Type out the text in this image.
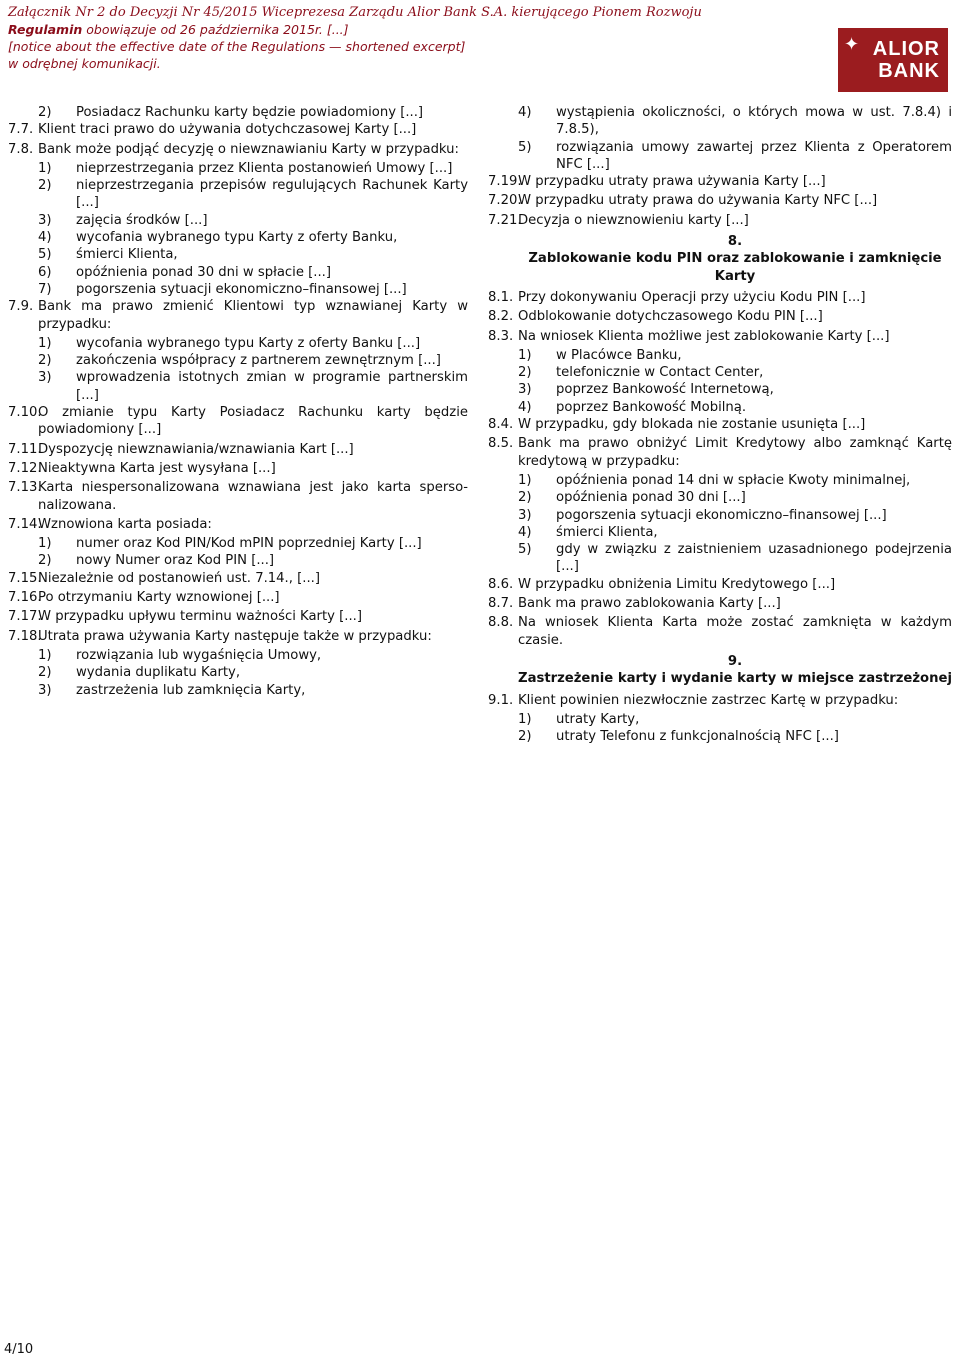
Załącznik Nr 2 do Decyzji Nr 45/2015 Wiceprezesa Zarządu Alior Bank S.A. kierującego Pionem Rozwoju
Regulamin obowiązuje od 26 października 2015r. [...]
[notice about the effective date of the Regulations — shortened excerpt]
w odrębnej komunikacji.
✦ ALIOR
BANK
2) Posiadacz Rachunku karty będzie powiadomiony [...]
7.7. Klient traci prawo do używania dotychczasowej Karty [...]
7.8. Bank może podjąć decyzję o niewznawianiu Karty w przypadku:
1) nieprzestrzegania przez Klienta postanowień Umowy [...]
2) nieprzestrzegania przepisów regulujących Rachunek Karty [...]
3) zajęcia środków [...]
4) wycofania wybranego typu Karty z oferty Banku,
5) śmierci Klienta,
6) opóźnienia ponad 30 dni w spłacie [...]
7) pogorszenia sytuacji ekonomiczno–finansowej [...]
7.9. Bank ma prawo zmienić Klientowi typ wznawianej Karty w przypadku:
1) wycofania wybranego typu Karty z oferty Banku [...]
2) zakończenia współpracy z partnerem zewnętrznym [...]
3) wprowadzenia istotnych zmian w programie partnerskim [...]
7.10.
O zmianie typu Karty Posiadacz Rachunku karty będzie powiadomiony [...]
7.11.
Dyspozycję niewznawiania/wznawiania Kart [...]
7.12.
Nieaktywna Karta jest wysyłana [...]
7.13.
Karta niespersonalizowana wznawiana jest jako karta spersonalizowana.
7.14.
Wznowiona karta posiada:
1) numer oraz Kod PIN/Kod mPIN poprzedniej Karty [...]
2) nowy Numer oraz Kod PIN [...]
7.15.
Niezależnie od postanowień ust. 7.14., [...]
7.16.
Po otrzymaniu Karty wznowionej [...]
7.17.
W przypadku upływu terminu ważności Karty [...]
7.18.
Utrata prawa używania Karty następuje także w przypadku:
1) rozwiązania lub wygaśnięcia Umowy,
2) wydania duplikatu Karty,
3) zastrzeżenia lub zamknięcia Karty,
4) wystąpienia okoliczności, o których mowa w ust. 7.8.4) i 7.8.5),
5) rozwiązania umowy zawartej przez Klienta z Operatorem NFC [...]
7.19.
W przypadku utraty prawa używania Karty [...]
7.20.
W przypadku utraty prawa do używania Karty NFC [...]
7.21.
Decyzja o niewznowieniu karty [...]
8.
Zablokowanie kodu PIN oraz zablokowanie i zamknięcie Karty
8.1. Przy dokonywaniu Operacji przy użyciu Kodu PIN [...]
8.2. Odblokowanie dotychczasowego Kodu PIN [...]
8.3. Na wniosek Klienta możliwe jest zablokowanie Karty [...]
1) w Placówce Banku,
2) telefonicznie w Contact Center,
3) poprzez Bankowość Internetową,
4) poprzez Bankowość Mobilną.
8.4. W przypadku, gdy blokada nie zostanie usunięta [...]
8.5. Bank ma prawo obniżyć Limit Kredytowy albo zamknąć Kartę kredytową w przypadku:
1) opóźnienia ponad 14 dni w spłacie Kwoty minimalnej,
2) opóźnienia ponad 30 dni [...]
3) pogorszenia sytuacji ekonomiczno–finansowej [...]
4) śmierci Klienta,
5) gdy w związku z zaistnieniem uzasadnionego podejrzenia [...]
8.6. W przypadku obniżenia Limitu Kredytowego [...]
8.7. Bank ma prawo zablokowania Karty [...]
8.8. Na wniosek Klienta Karta może zostać zamknięta w każdym czasie.
9.
Zastrzeżenie karty i wydanie karty w miejsce zastrzeżonej
9.1. Klient powinien niezwłocznie zastrzec Kartę w przypadku:
1) utraty Karty,
2) utraty Telefonu z funkcjonalnością NFC [...]
4/10
